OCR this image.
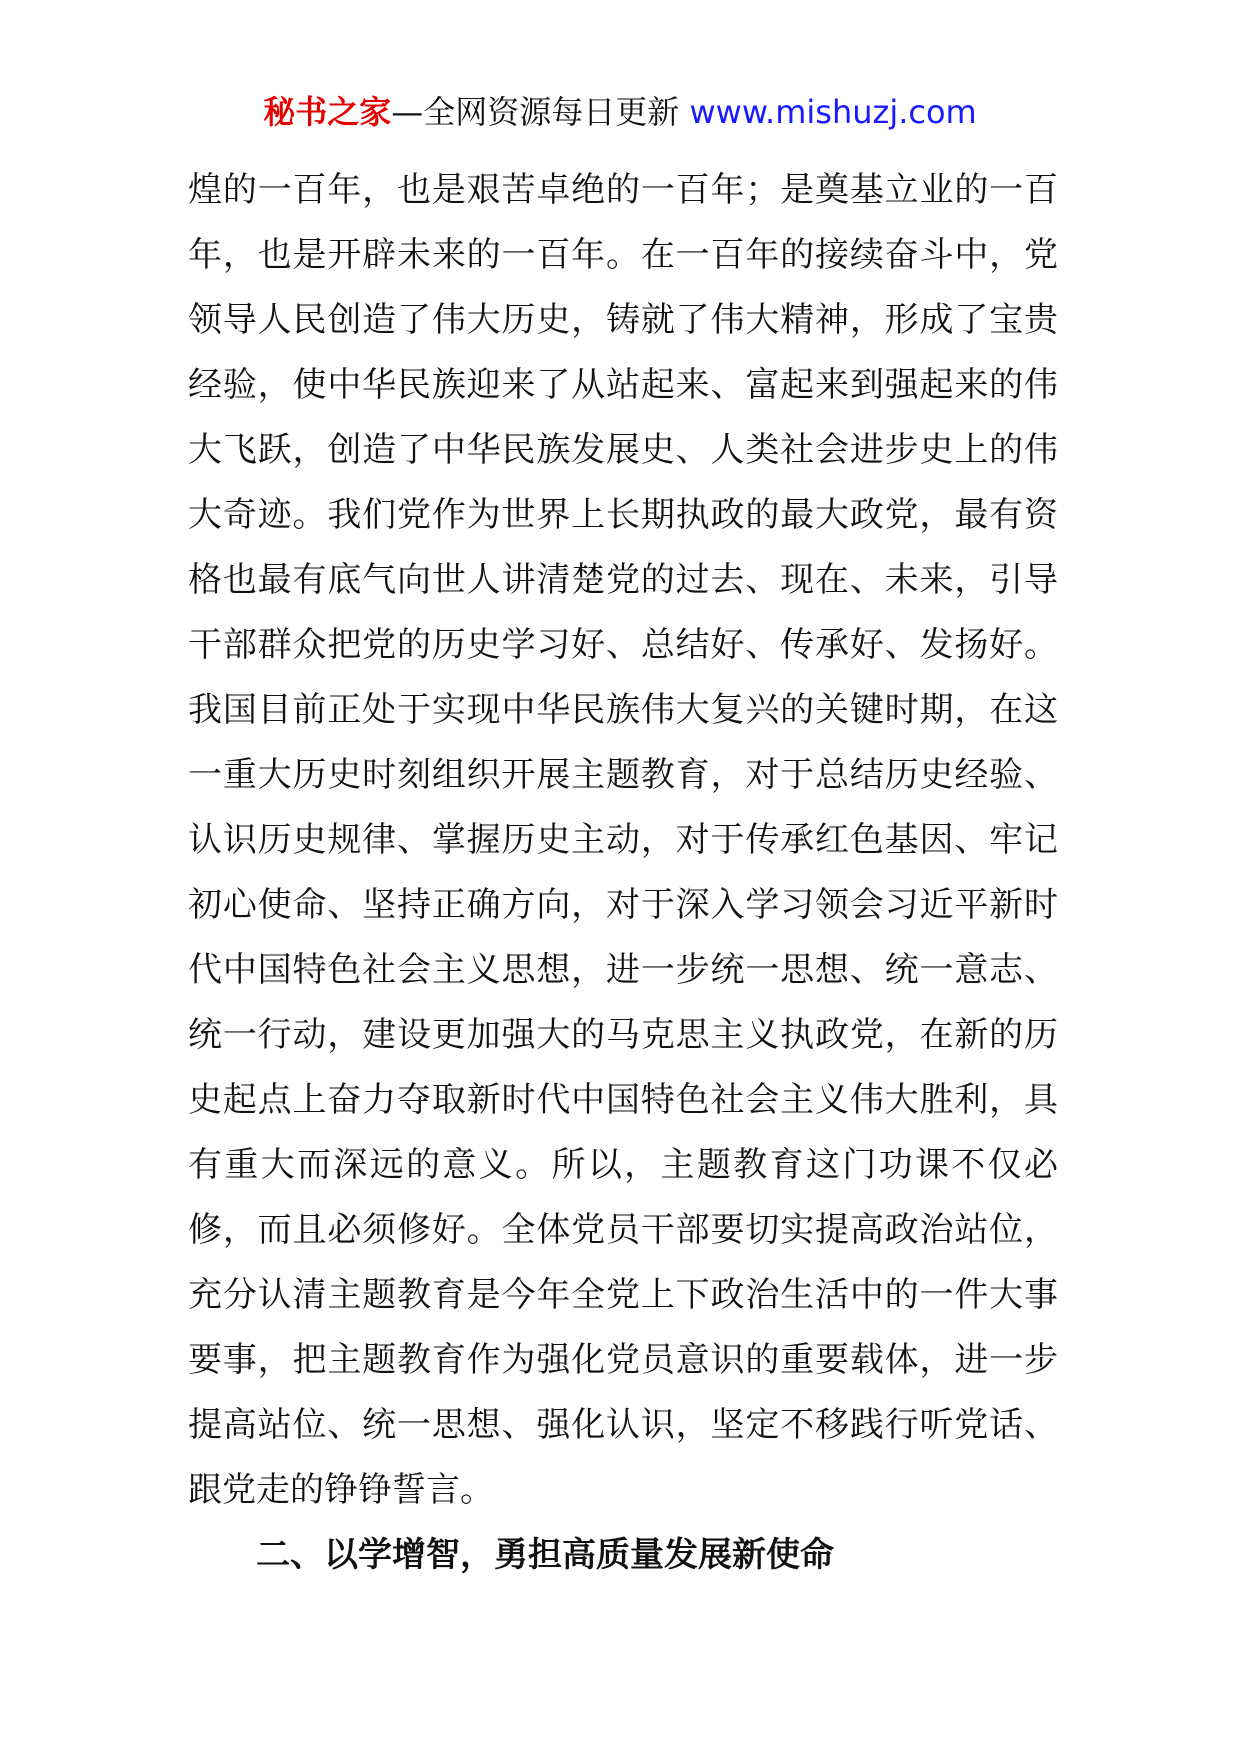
秘书之家—全网资源每日更新 www.mishuzj.com
煌的一百年，也是艰苦卓绝的一百年；是奠基立业的一百
年，也是开辟未来的一百年。在一百年的接续奋斗中，党
领导人民创造了伟大历史，铸就了伟大精神，形成了宝贵
经验，使中华民族迎来了从站起来、富起来到强起来的伟
大飞跃，创造了中华民族发展史、人类社会进步史上的伟
大奇迹。我们党作为世界上长期执政的最大政党，最有资
格也最有底气向世人讲清楚党的过去、现在、未来，引导
干部群众把党的历史学习好、总结好、传承好、发扬好。
我国目前正处于实现中华民族伟大复兴的关键时期，在这
一重大历史时刻组织开展主题教育，对于总结历史经验、
认识历史规律、掌握历史主动，对于传承红色基因、牢记
初心使命、坚持正确方向，对于深入学习领会习近平新时
代中国特色社会主义思想，进一步统一思想、统一意志、
统一行动，建设更加强大的马克思主义执政党，在新的历
史起点上奋力夺取新时代中国特色社会主义伟大胜利，具
有重大而深远的意义。所以，主题教育这门功课不仅必
修，而且必须修好。全体党员干部要切实提高政治站位，
充分认清主题教育是今年全党上下政治生活中的一件大事
要事，把主题教育作为强化党员意识的重要载体，进一步
提高站位、统一思想、强化认识，坚定不移践行听党话、
跟党走的铮铮誓言。
二、以学增智，勇担高质量发展新使命
